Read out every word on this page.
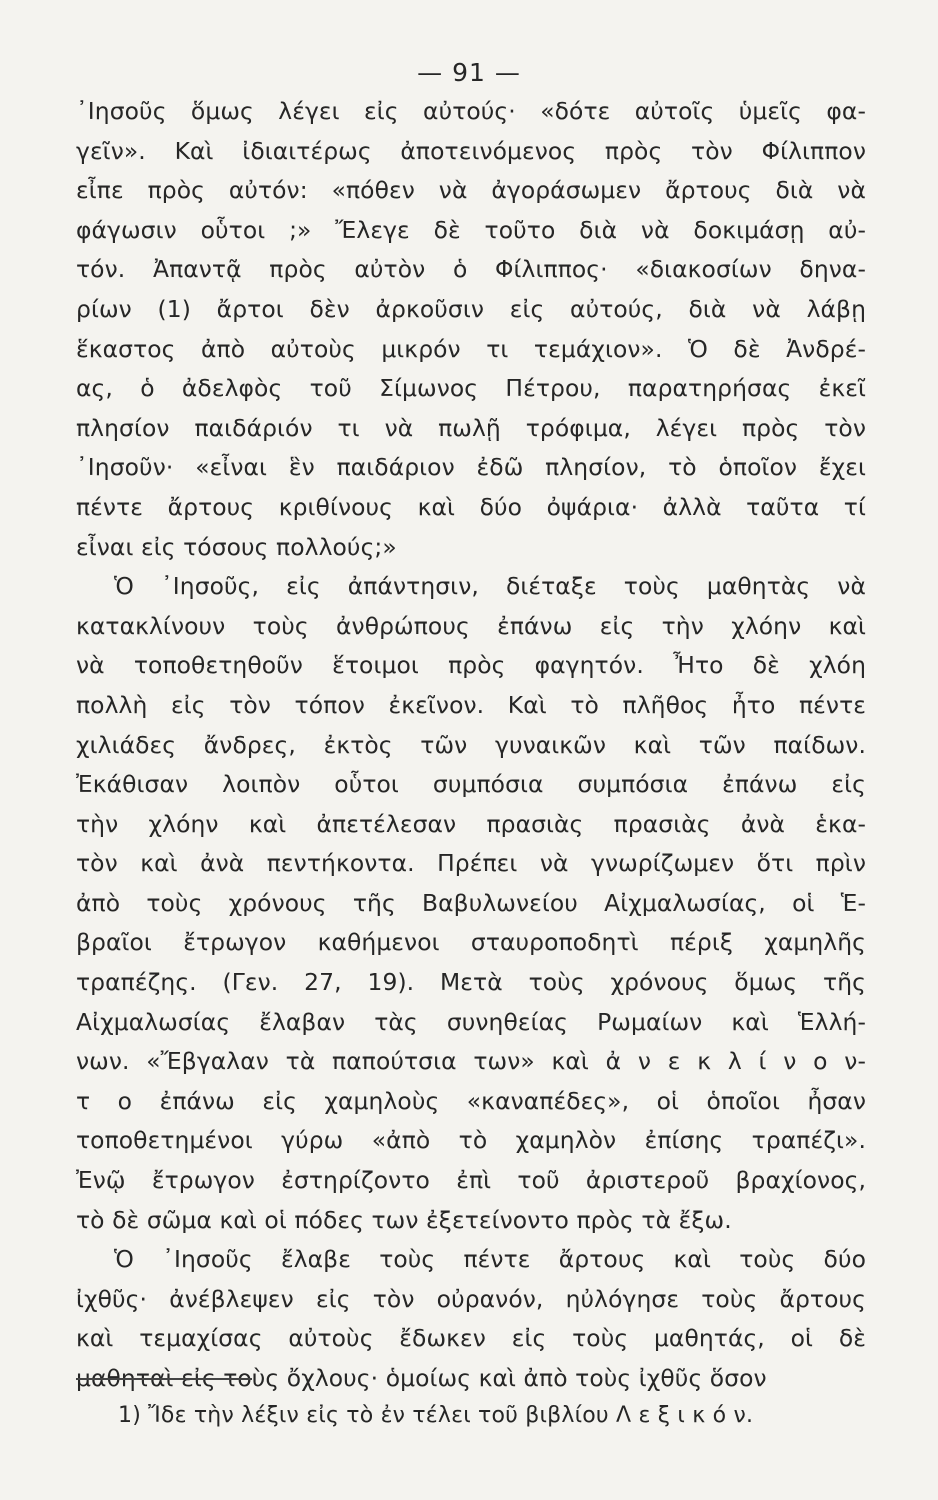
— 91 —
᾿Ιησοῦς ὅμως λέγει εἰς αὐτούς· «δότε αὐτοῖς ὑμεῖς φα-
γεῖν». Καὶ ἰδιαιτέρως ἀποτεινόμενος πρὸς τὸν Φίλιππον
εἶπε πρὸς αὐτόν: «πόθεν νὰ ἀγοράσωμεν ἄρτους διὰ νὰ
φάγωσιν οὗτοι ;» Ἔλεγε δὲ τοῦτο διὰ νὰ δοκιμάσῃ αὐ-
τόν. Ἀπαντᾷ πρὸς αὐτὸν ὁ Φίλιππος· «διακοσίων δηνα-
ρίων (1) ἄρτοι δὲν ἀρκοῦσιν εἰς αὐτούς, διὰ νὰ λάβῃ
ἕκαστος ἀπὸ αὐτοὺς μικρόν τι τεμάχιον». Ὁ δὲ Ἀνδρέ-
ας, ὁ ἀδελφὸς τοῦ Σίμωνος Πέτρου, παρατηρήσας ἐκεῖ
πλησίον παιδάριόν τι νὰ πωλῇ τρόφιμα, λέγει πρὸς τὸν
᾿Ιησοῦν· «εἶναι ἓν παιδάριον ἐδῶ πλησίον, τὸ ὁποῖον ἔχει
πέντε ἄρτους κριθίνους καὶ δύο ὀψάρια· ἀλλὰ ταῦτα τί
εἶναι εἰς τόσους πολλούς;»
Ὁ ᾿Ιησοῦς, εἰς ἀπάντησιν, διέταξε τοὺς μαθητὰς νὰ
κατακλίνουν τοὺς ἀνθρώπους ἐπάνω εἰς τὴν χλόην καὶ
νὰ τοποθετηθοῦν ἕτοιμοι πρὸς φαγητόν. Ἦτο δὲ χλόη
πολλὴ εἰς τὸν τόπον ἐκεῖνον. Καὶ τὸ πλῆθος ἦτο πέντε
χιλιάδες ἄνδρες, ἐκτὸς τῶν γυναικῶν καὶ τῶν παίδων.
Ἐκάθισαν λοιπὸν οὗτοι συμπόσια συμπόσια ἐπάνω εἰς
τὴν χλόην καὶ ἀπετέλεσαν πρασιὰς πρασιὰς ἀνὰ ἑκα-
τὸν καὶ ἀνὰ πεντήκοντα. Πρέπει νὰ γνωρίζωμεν ὅτι πρὶν
ἀπὸ τοὺς χρόνους τῆς Βαβυλωνείου Αἰχμαλωσίας, οἱ Ἑ-
βραῖοι ἔτρωγον καθήμενοι σταυροποδητὶ πέριξ χαμηλῆς
τραπέζης. (Γεν. 27, 19). Μετὰ τοὺς χρόνους ὅμως τῆς
Αἰχμαλωσίας ἔλαβαν τὰς συνηθείας Ρωμαίων καὶ Ἑλλή-
νων. «Ἔβγαλαν τὰ παπούτσια των» καὶ ἀ ν ε κ λ ί ν ο ν-
τ ο ἐπάνω εἰς χαμηλοὺς «καναπέδες», οἱ ὁποῖοι ἦσαν
τοποθετημένοι γύρω «ἀπὸ τὸ χαμηλὸν ἐπίσης τραπέζι».
Ἐνῷ ἔτρωγον ἐστηρίζοντο ἐπὶ τοῦ ἀριστεροῦ βραχίονος,
τὸ δὲ σῶμα καὶ οἱ πόδες των ἐξετείνοντο πρὸς τὰ ἔξω.
Ὁ ᾿Ιησοῦς ἔλαβε τοὺς πέντε ἄρτους καὶ τοὺς δύο
ἰχθῦς· ἀνέβλεψεν εἰς τὸν οὐρανόν, ηὐλόγησε τοὺς ἄρτους
καὶ τεμαχίσας αὐτοὺς ἔδωκεν εἰς τοὺς μαθητάς, οἱ δὲ
μαθηταὶ εἰς τοὺς ὄχλους· ὁμοίως καὶ ἀπὸ τοὺς ἰχθῦς ὅσον
1) Ἴδε τὴν λέξιν εἰς τὸ ἐν τέλει τοῦ βιβλίου Λ ε ξ ι κ ό ν.
